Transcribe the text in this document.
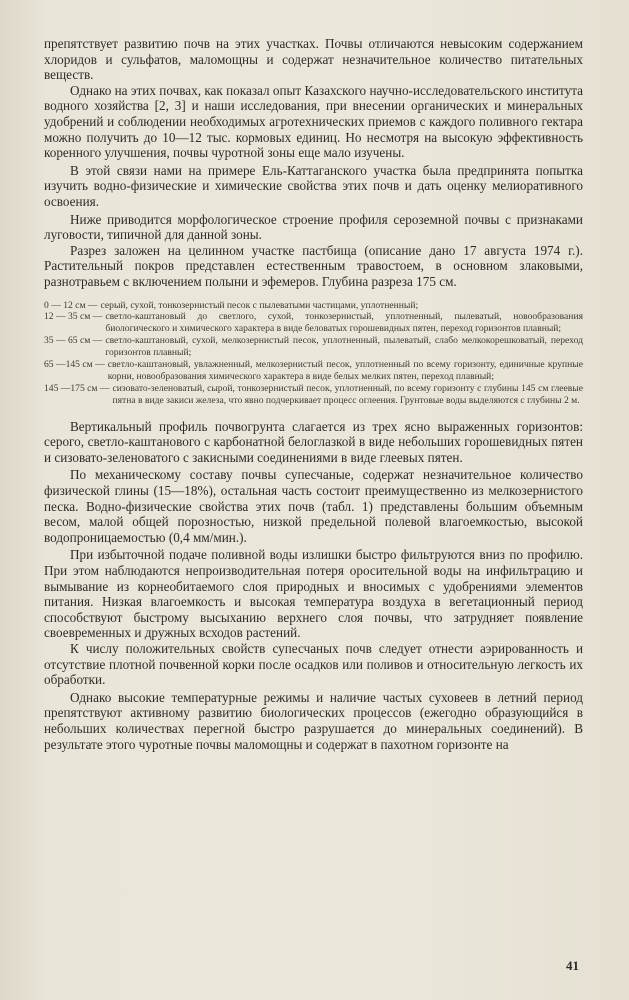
препятствует развитию почв на этих участках. Почвы отличаются невысоким содержанием хлоридов и сульфатов, маломощны и содержат незначительное количество питательных веществ.

Однако на этих почвах, как показал опыт Казахского научно-исследовательского института водного хозяйства [2, 3] и наши исследования, при внесении органических и минеральных удобрений и соблюдении необходимых агротехнических приемов с каждого поливного гектара можно получить до 10—12 тыс. кормовых единиц. Но несмотря на высокую эффективность коренного улучшения, почвы чуротной зоны еще мало изучены.

В этой связи нами на примере Ель-Каттаганского участка была предпринята попытка изучить водно-физические и химические свойства этих почв и дать оценку мелиоративного освоения.

Ниже приводится морфологическое строение профиля сероземной почвы с признаками луговости, типичной для данной зоны.

Разрез заложен на целинном участке пастбища (описание дано 17 августа 1974 г.). Растительный покров представлен естественным травостоем, в основном злаковыми, разнотравьем с включением полыни и эфемеров. Глубина разреза 175 см.

0 — 12 см — серый, сухой, тонкозернистый песок с пылеватыми частицами, уплотненный;
12 — 35 см — светло-каштановый до светлого, сухой, тонкозернистый, уплотненный, пылеватый, новообразования биологического и химического характера в виде беловатых горошевидных пятен, переход горизонтов плавный;
35 — 65 см — светло-каштановый, сухой, мелкозернистый песок, уплотненный, пылеватый, слабо мелкокорешковатый, переход горизонтов плавный;
65 —145 см — светло-каштановый, увлажненный, мелкозернистый песок, уплотненный по всему горизонту, единичные крупные корни, новообразования химического характера в виде белых мелких пятен, переход плавный;
145 —175 см — сизовато-зеленоватый, сырой, тонкозернистый песок, уплотненный, по всему горизонту с глубины 145 см глеевые пятна в виде закиси железа, что явно подчеркивает процесс оглеения. Грунтовые воды выделяются с глубины 2 м.

Вертикальный профиль почвогрунта слагается из трех ясно выраженных горизонтов: серого, светло-каштанового с карбонатной белоглазкой в виде небольших горошевидных пятен и сизовато-зеленоватого с закисными соединениями в виде глеевых пятен.

По механическому составу почвы супесчаные, содержат незначительное количество физической глины (15—18%), остальная часть состоит преимущественно из мелкозернистого песка. Водно-физические свойства этих почв (табл. 1) представлены большим объемным весом, малой общей порозностью, низкой предельной полевой влагоемкостью, высокой водопроницаемостью (0,4 мм/мин.).

При избыточной подаче поливной воды излишки быстро фильтруются вниз по профилю. При этом наблюдаются непроизводительная потеря оросительной воды на инфильтрацию и вымывание из корнеобитаемого слоя природных и вносимых с удобрениями элементов питания. Низкая влагоемкость и высокая температура воздуха в вегетационный период способствуют быстрому высыханию верхнего слоя почвы, что затрудняет появление своевременных и дружных всходов растений.

К числу положительных свойств супесчаных почв следует отнести аэрированность и отсутствие плотной почвенной корки после осадков или поливов и относительную легкость их обработки.

Однако высокие температурные режимы и наличие частых суховеев в летний период препятствуют активному развитию биологических процессов (ежегодно образующийся в небольших количествах перегной быстро разрушается до минеральных соединений). В результате этого чуротные почвы маломощны и содержат в пахотном горизонте на

41
